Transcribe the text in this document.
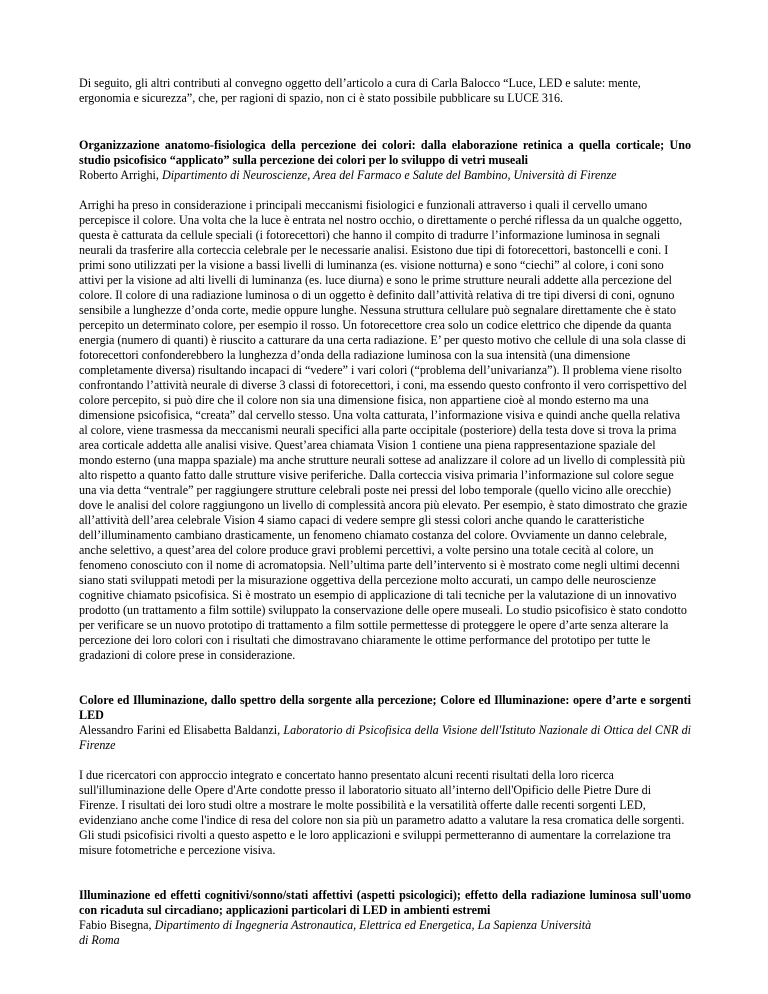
Di seguito, gli altri contributi al convegno oggetto dell’articolo a cura di Carla Balocco “Luce, LED e salute: mente, ergonomia e sicurezza”, che, per ragioni di spazio, non ci è stato possibile pubblicare su LUCE 316.

Organizzazione anatomo-fisiologica della percezione dei colori: dalla elaborazione retinica a quella corticale; Uno studio psicofisico “applicato” sulla percezione dei colori per lo sviluppo di vetri museali

Roberto Arrighi, Dipartimento di Neuroscienze, Area del Farmaco e Salute del Bambino, Università di Firenze

Arrighi ha preso in considerazione i principali meccanismi fisiologici e funzionali attraverso i quali il cervello umano percepisce il colore. Una volta che la luce è entrata nel nostro occhio, o direttamente o perché riflessa da un qualche oggetto, questa è catturata da cellule speciali (i fotorecettori) che hanno il compito di tradurre l’informazione luminosa in segnali neurali da trasferire alla corteccia celebrale per le necessarie analisi. Esistono due tipi di fotorecettori, bastoncelli e coni. I primi sono utilizzati per la visione a bassi livelli di luminanza (es. visione notturna) e sono “ciechi” al colore, i coni sono attivi per la visione ad alti livelli di luminanza (es. luce diurna) e sono le prime strutture neurali addette alla percezione del colore. Il colore di una radiazione luminosa o di un oggetto è definito dall’attività relativa di tre tipi diversi di coni, ognuno sensibile a lunghezze d’onda corte, medie oppure lunghe. Nessuna struttura cellulare può segnalare direttamente che è stato percepito un determinato colore, per esempio il rosso. Un fotorecettore crea solo un codice elettrico che dipende da quanta energia (numero di quanti) è riuscito a catturare da una certa radiazione. E’ per questo motivo che cellule di una sola classe di fotorecettori confonderebbero la lunghezza d’onda della radiazione luminosa con la sua intensità (una dimensione completamente diversa) risultando incapaci di “vedere” i vari colori (“problema dell’univarianza”). Il problema viene risolto confrontando l’attività neurale di diverse 3 classi di fotorecettori, i coni, ma essendo questo confronto il vero corrispettivo del colore percepito, si può dire che il colore non sia una dimensione fisica, non appartiene cioè al mondo esterno ma una dimensione psicofisica, “creata” dal cervello stesso. Una volta catturata, l’informazione visiva e quindi anche quella relativa al colore, viene trasmessa da meccanismi neurali specifici alla parte occipitale (posteriore) della testa dove si trova la prima area corticale addetta alle analisi visive. Quest’area chiamata Vision 1 contiene una piena rappresentazione spaziale del mondo esterno (una mappa spaziale) ma anche strutture neurali sottese ad analizzare il colore ad un livello di complessità più alto rispetto a quanto fatto dalle strutture visive periferiche. Dalla corteccia visiva primaria l’informazione sul colore segue una via detta “ventrale” per raggiungere strutture celebrali poste nei pressi del lobo temporale (quello vicino alle orecchie) dove le analisi del colore raggiungono un livello di complessità ancora più elevato. Per esempio, è stato dimostrato che grazie all’attività dell’area celebrale Vision 4 siamo capaci di vedere sempre gli stessi colori anche quando le caratteristiche dell’illuminamento cambiano drasticamente, un fenomeno chiamato costanza del colore. Ovviamente un danno celebrale, anche selettivo, a quest’area del colore produce gravi problemi percettivi, a volte persino una totale cecità al colore, un fenomeno conosciuto con il nome di acromatopsia. Nell’ultima parte dell’intervento si è mostrato come negli ultimi decenni siano stati sviluppati metodi per la misurazione oggettiva della percezione molto accurati, un campo delle neuroscienze cognitive chiamato psicofisica. Si è mostrato un esempio di applicazione di tali tecniche per la valutazione di un innovativo prodotto (un trattamento a film sottile) sviluppato la conservazione delle opere museali. Lo studio psicofisico è stato condotto per verificare se un nuovo prototipo di trattamento a film sottile permettesse di proteggere le opere d’arte senza alterare la percezione dei loro colori con i risultati che dimostravano chiaramente le ottime performance del prototipo per tutte le gradazioni di colore prese in considerazione.

Colore ed Illuminazione, dallo spettro della sorgente alla percezione; Colore ed Illuminazione: opere d’arte e sorgenti LED

Alessandro Farini ed Elisabetta Baldanzi, Laboratorio di Psicofisica della Visione dell'Istituto Nazionale di Ottica del CNR di Firenze

I due ricercatori con approccio integrato e concertato hanno presentato alcuni recenti risultati della loro ricerca sull'illuminazione delle Opere d'Arte condotte presso il laboratorio situato all’interno dell'Opificio delle Pietre Dure di Firenze. I risultati dei loro studi oltre a mostrare le molte possibilità e la versatilità offerte dalle recenti sorgenti LED, evidenziano anche come l'indice di resa del colore non sia più un parametro adatto a valutare la resa cromatica delle sorgenti. Gli studi psicofisici rivolti a questo aspetto e le loro applicazioni e sviluppi permetteranno di aumentare la correlazione tra misure fotometriche e percezione visiva.

Illuminazione ed effetti cognitivi/sonno/stati affettivi (aspetti psicologici); effetto della radiazione luminosa sull'uomo con ricaduta sul circadiano; applicazioni particolari di LED in ambienti estremi

Fabio Bisegna, Dipartimento di Ingegneria Astronautica, Elettrica ed Energetica, La Sapienza Università
di Roma
